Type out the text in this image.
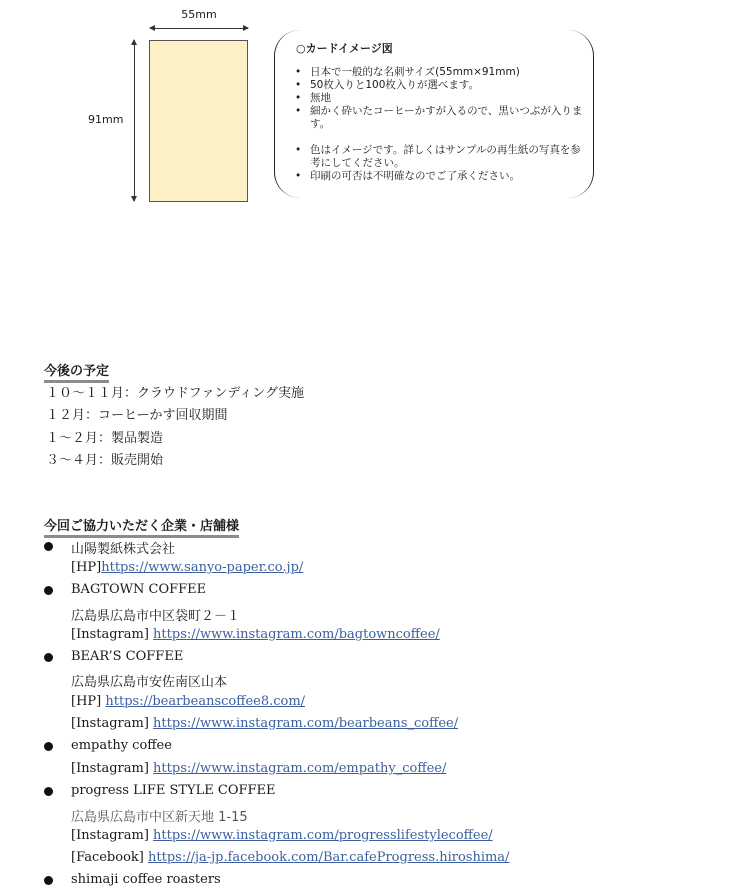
55mm
91mm
○カードイメージ図
• 日本で一般的な名刺サイズ(55mm×91mm)
• 50枚入りと100枚入りが選べます。
• 無地
• 細かく砕いたコーヒーかすが入るので、黒いつぶが入ります。
• 色はイメージです。詳しくはサンプルの再生紙の写真を参考にしてください。
• 印刷の可否は不明確なのでご了承ください。
今後の予定
１０～１１月：クラウドファンディング実施
１２月：コーヒーかす回収期間
１～２月：製品製造
３～４月：販売開始
今回ご協力いただく企業・店舗様
山陽製紙株式会社
[HP]https://www.sanyo-paper.co.jp/
BAGTOWN COFFEE
広島県広島市中区袋町２－１
[Instagram] https://www.instagram.com/bagtowncoffee/
BEAR’S COFFEE
広島県広島市安佐南区山本
[HP] https://bearbeanscoffee8.com/
[Instagram] https://www.instagram.com/bearbeans_coffee/
empathy coffee
[Instagram] https://www.instagram.com/empathy_coffee/
progress LIFE STYLE COFFEE
広島県広島市中区新天地 1-15
[Instagram] https://www.instagram.com/progresslifestylecoffee/
[Facebook] https://ja-jp.facebook.com/Bar.cafeProgress.hiroshima/
shimaji coffee roasters
